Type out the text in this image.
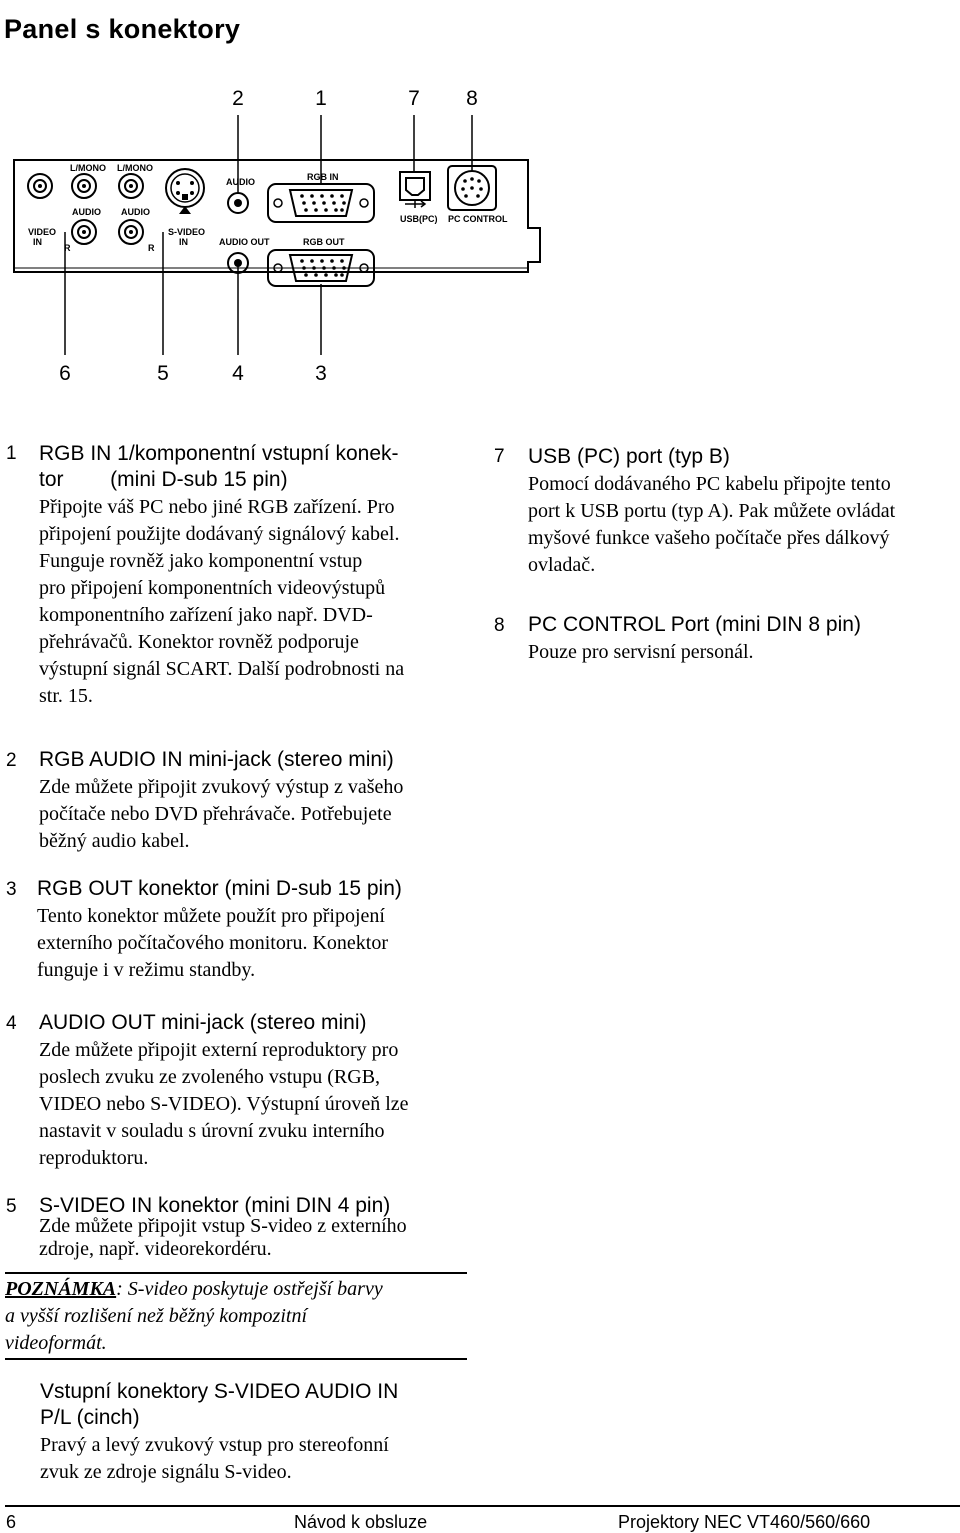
Panel s konektory
2	1	7 8
L/MONO L/MONO
AUDIO AUDIO
VIDEO
IN
R	R
S-VIDEO
IN
AUDIO	RGB IN
AUDIO OUT	RGB OUT
USB(PC) PC CONTROL
6	5	4	3
1 RGB IN 1/komponentní vstupní konek-
tor        (mini D-sub 15 pin)
Připojte váš PC nebo jiné RGB zařízení. Pro
připojení použijte dodávaný signálový kabel.
Funguje rovněž jako komponentní vstup
pro připojení komponentních videovýstupů
komponentního zařízení jako např. DVD-
přehrávačů. Konektor rovněž podporuje
výstupní signál SCART. Další podrobnosti na
str. 15.
2 RGB AUDIO IN mini-jack (stereo mini)
Zde můžete připojit zvukový výstup z vašeho
počítače nebo DVD přehrávače. Potřebujete
běžný audio kabel.
3 RGB OUT konektor (mini D-sub 15 pin)
Tento konektor můžete použít pro připojení
externího počítačového monitoru. Konektor
funguje i v režimu standby.
4 AUDIO OUT mini-jack (stereo mini)
Zde můžete připojit externí reproduktory pro
poslech zvuku ze zvoleného vstupu (RGB,
VIDEO nebo S-VIDEO). Výstupní úroveň lze
nastavit v souladu s úrovní zvuku interního
reproduktoru.
5 S-VIDEO IN konektor (mini DIN 4 pin)
Zde můžete připojit vstup S-video z externího
zdroje, např. videorekordéru.
POZNÁMKA: S-video poskytuje ostřejší barvy
a vyšší rozlišení než běžný kompozitní
videoformát.
Vstupní konektory S-VIDEO AUDIO IN
P/L (cinch)
Pravý a levý zvukový vstup pro stereofonní
zvuk ze zdroje signálu S-video.
7 USB (PC) port (typ B)
Pomocí dodávaného PC kabelu připojte tento
port k USB portu (typ A). Pak můžete ovládat
myšové funkce vašeho počítače přes dálkový
ovladač.
8 PC CONTROL Port (mini DIN 8 pin)
Pouze pro servisní personál.
6	Návod k obsluze	Projektory NEC VT460/560/660
